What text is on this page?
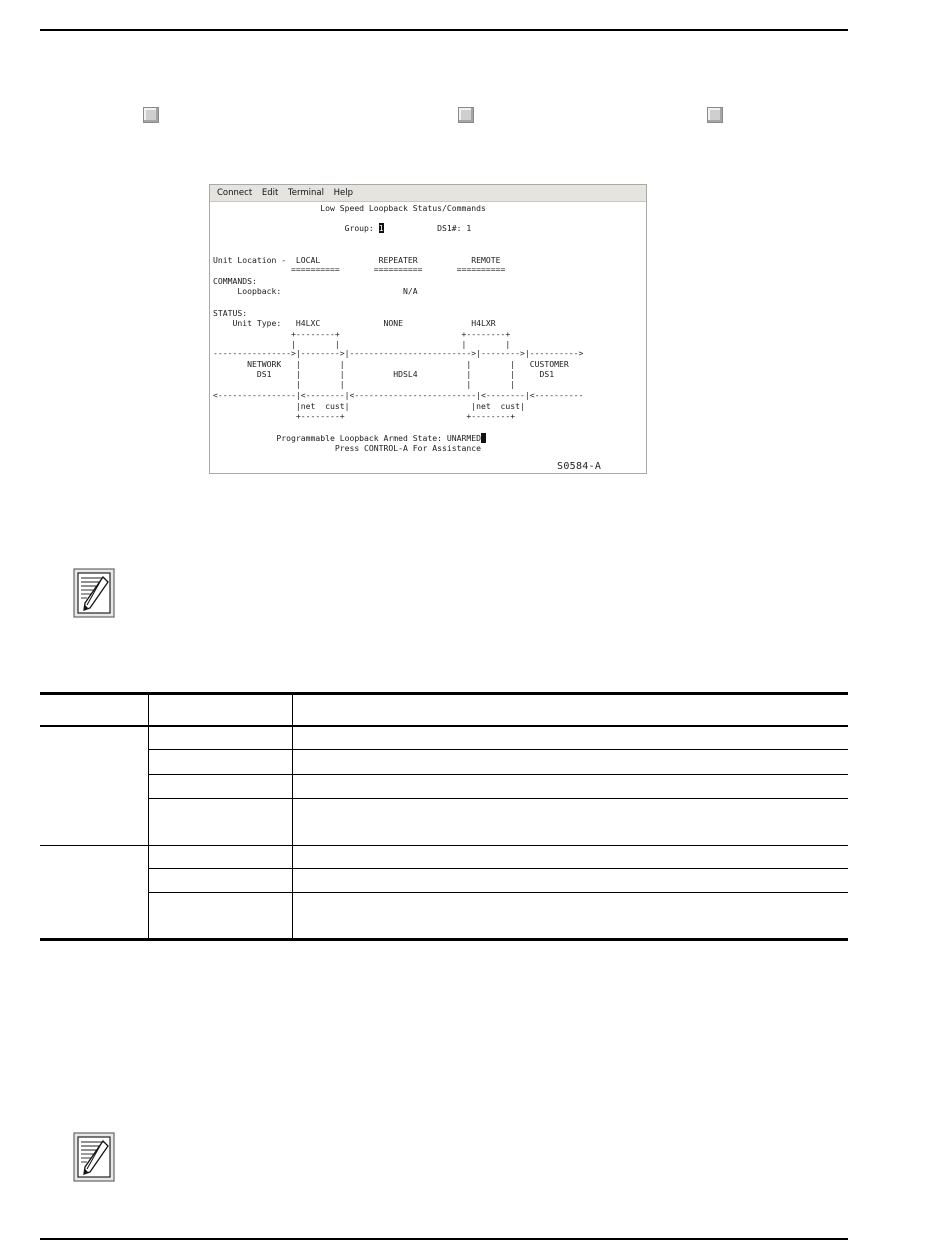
Connect Edit Terminal Help
Low Speed Loopback Status/Commands
Group: 1	DS1#: 1
Unit Location -  LOCAL            REPEATER           REMOTE
==========       ==========       ==========
COMMANDS:
Loopback:                         N/A
STATUS:
Unit Type:   H4LXC             NONE              H4LXR
+--------+                         +--------+
|        |                         |        |
---------------->|-------->|------------------------->|-------->|---------->
NETWORK   |        |                         |        |   CUSTOMER
DS1     |        |          HDSL4          |        |     DS1
|        |                         |        |
<----------------|<--------|<-------------------------|<--------|<----------
|net  cust|                         |net  cust|
+--------+                         +--------+
Programmable Loopback Armed State: UNARMED
Press CONTROL-A For Assistance
S0584-A
